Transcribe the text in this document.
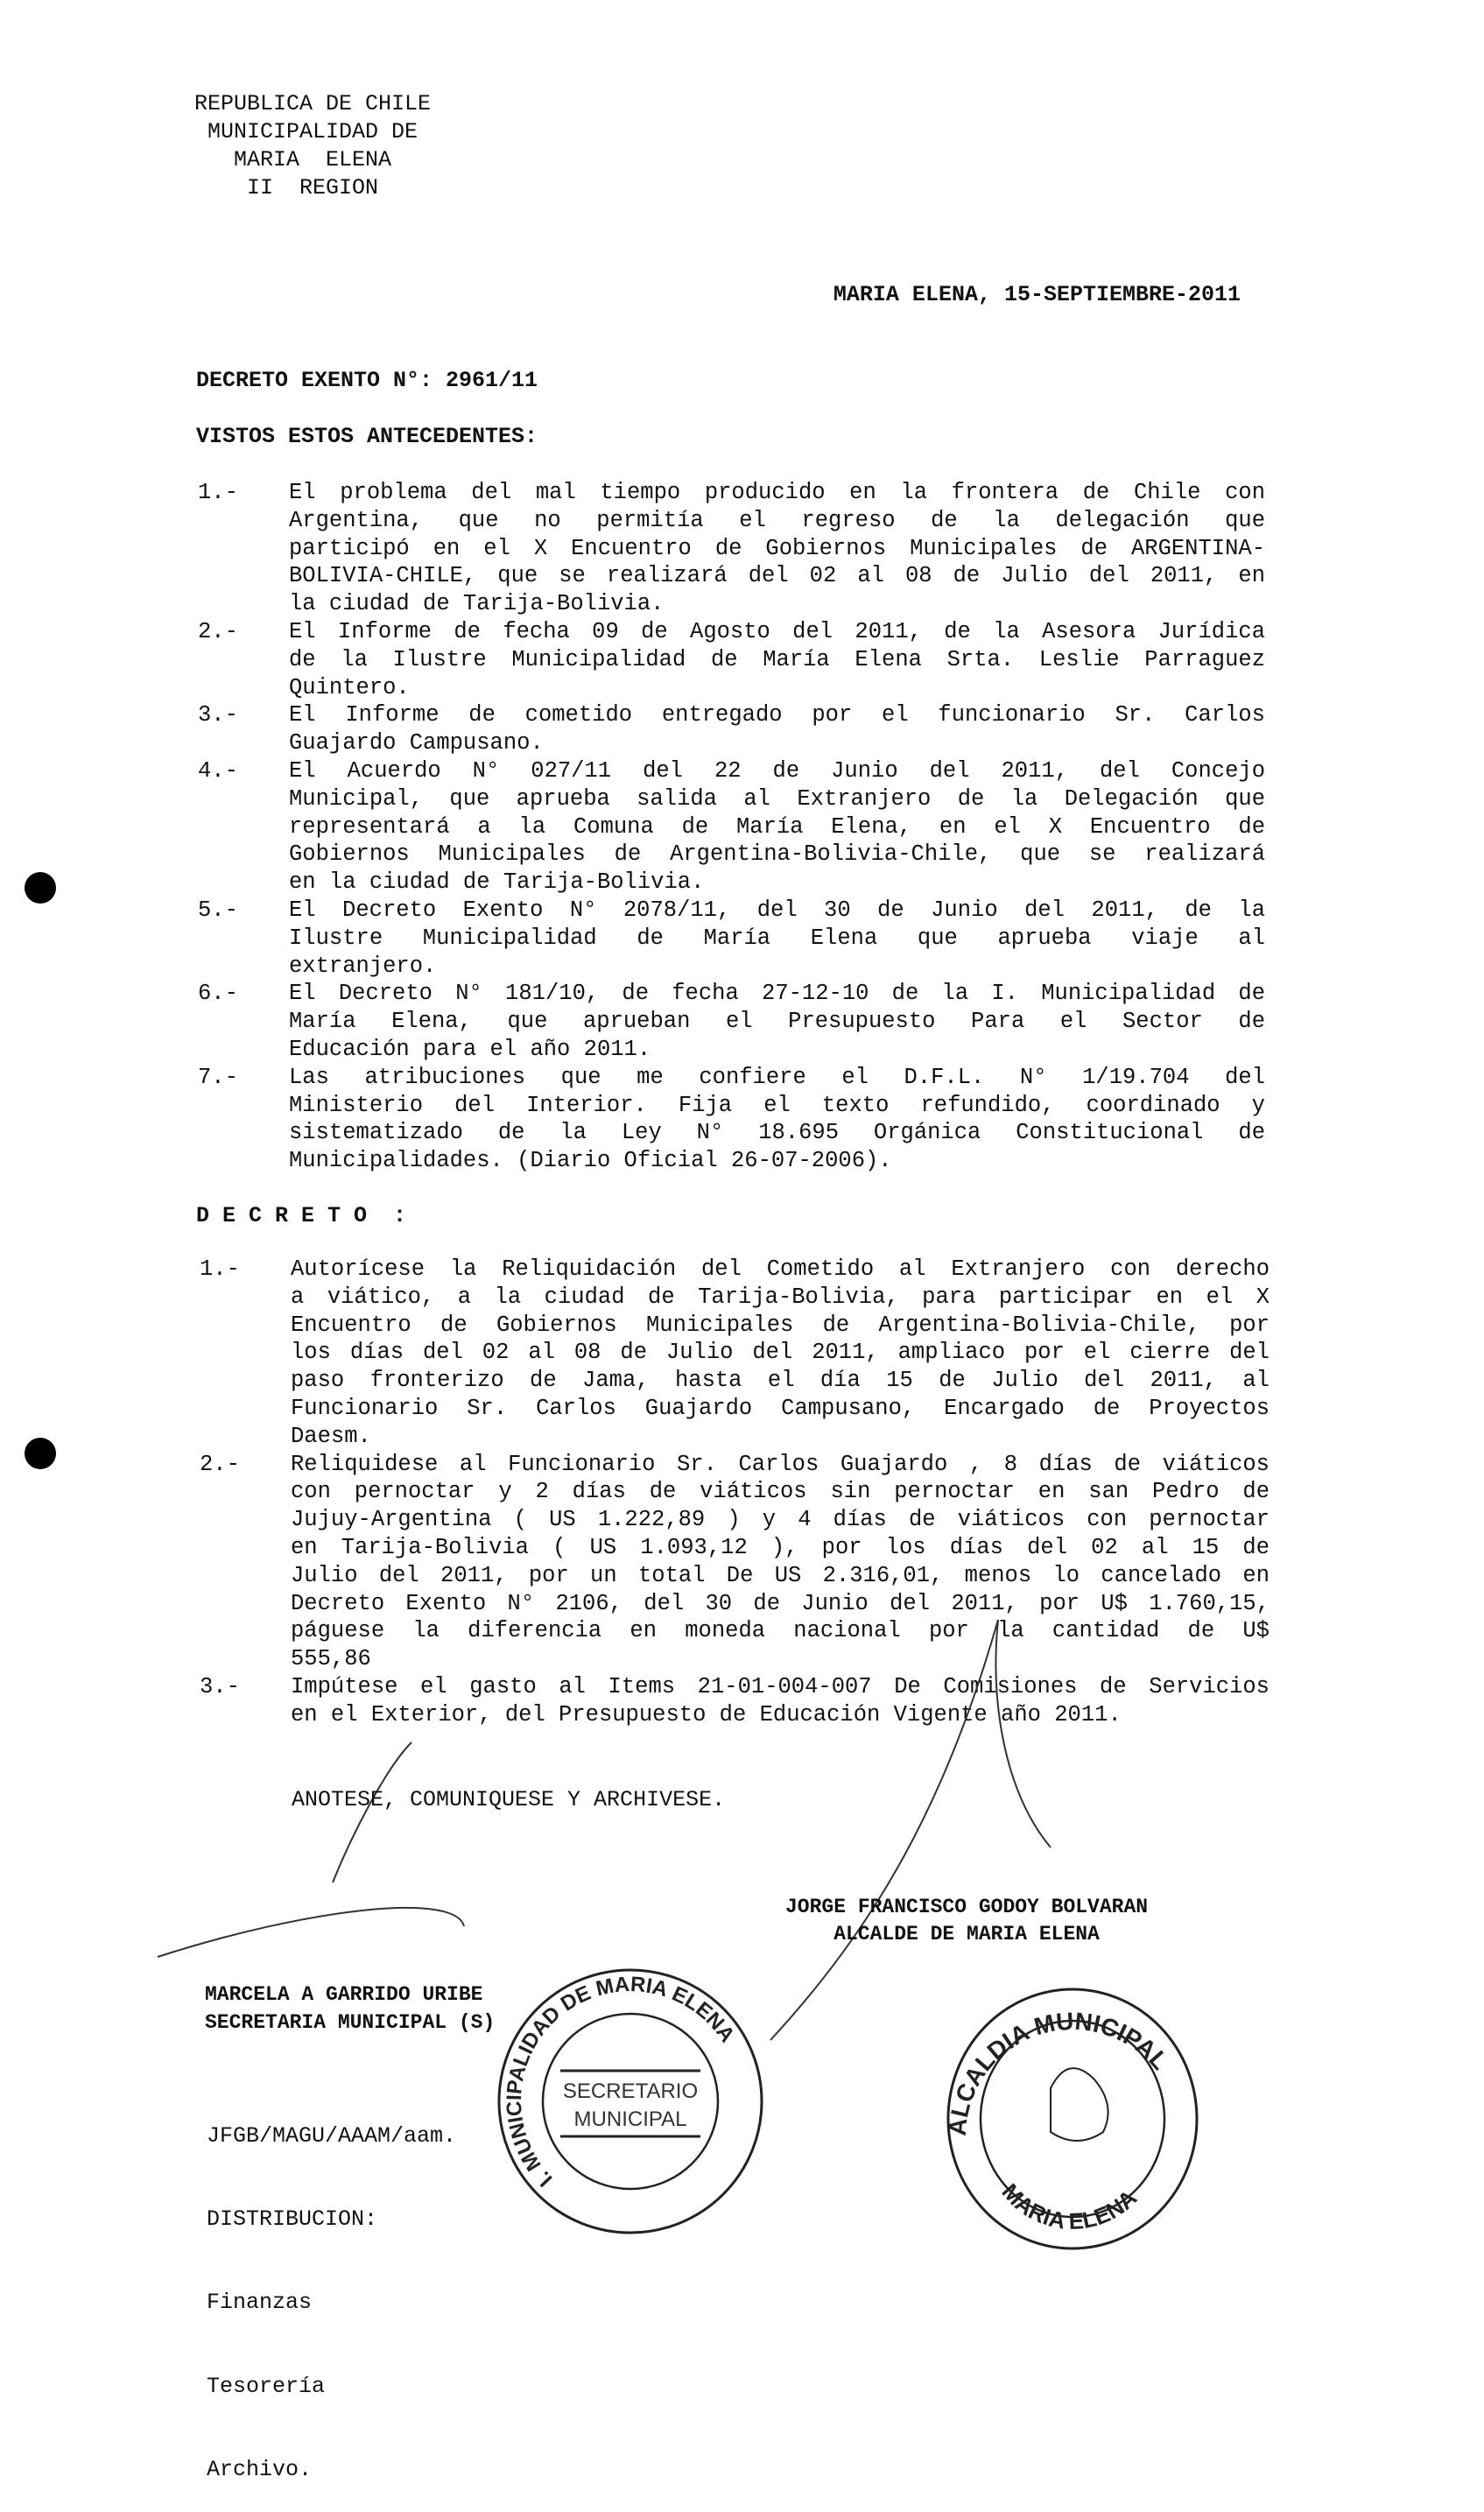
REPUBLICA DE CHILE
MUNICIPALIDAD DE
MARIA  ELENA
II  REGION
MARIA ELENA, 15-SEPTIEMBRE-2011
DECRETO EXENTO N°: 2961/11
VISTOS ESTOS ANTECEDENTES:
1.- El problema del mal tiempo producido en la frontera de Chile con
Argentina, que no permitía el regreso de la delegación que
participó en el X Encuentro de Gobiernos Municipales de ARGENTINA-
BOLIVIA-CHILE, que se realizará del 02 al 08 de Julio del 2011, en
la ciudad de Tarija-Bolivia.
2.- El Informe de fecha 09 de Agosto del 2011, de la Asesora Jurídica
de la Ilustre Municipalidad de María Elena Srta. Leslie Parraguez
Quintero.
3.- El Informe de cometido entregado por el funcionario Sr. Carlos
Guajardo Campusano.
4.- El Acuerdo N° 027/11 del 22 de Junio del 2011, del Concejo
Municipal, que aprueba salida al Extranjero de la Delegación que
representará a la Comuna de María Elena, en el X Encuentro de
Gobiernos Municipales de Argentina-Bolivia-Chile, que se realizará
en la ciudad de Tarija-Bolivia.
5.- El Decreto Exento N° 2078/11, del 30 de Junio del 2011, de la
Ilustre Municipalidad de María Elena que aprueba viaje al
extranjero.
6.- El Decreto N° 181/10, de fecha 27-12-10 de la I. Municipalidad de
María Elena, que aprueban el Presupuesto Para el Sector de
Educación para el año 2011.
7.- Las atribuciones que me confiere el D.F.L. N° 1/19.704 del
Ministerio del Interior. Fija el texto refundido, coordinado y
sistematizado de la Ley N° 18.695 Orgánica Constitucional de
Municipalidades. (Diario Oficial 26-07-2006).
D E C R E T O  :
1.- Autorícese la Reliquidación del Cometido al Extranjero con derecho
a viático, a la ciudad de Tarija-Bolivia, para participar en el X
Encuentro de Gobiernos Municipales de Argentina-Bolivia-Chile, por
los días del 02 al 08 de Julio del 2011, ampliaco por el cierre del
paso fronterizo de Jama, hasta el día 15 de Julio del 2011, al
Funcionario Sr. Carlos Guajardo Campusano, Encargado de Proyectos
Daesm.
2.- Reliquidese al Funcionario Sr. Carlos Guajardo , 8 días de viáticos
con pernoctar y 2 días de viáticos sin pernoctar en san Pedro de
Jujuy-Argentina ( US 1.222,89 ) y 4 días de viáticos con pernoctar
en Tarija-Bolivia ( US 1.093,12 ), por los días del 02 al 15 de
Julio del 2011, por un total De US 2.316,01, menos lo cancelado en
Decreto Exento N° 2106, del 30 de Junio del 2011, por U$ 1.760,15,
páguese la diferencia en moneda nacional por la cantidad de U$
555,86
3.- Impútese el gasto al Items 21-01-004-007 De Comisiones de Servicios
en el Exterior, del Presupuesto de Educación Vigente año 2011.
I. MUNICIPALIDAD DE MARIA ELENA
SECRETARIO
MUNICIPAL	ALCALDIA MUNICIPAL
MARIA ELENA
ANOTESE, COMUNIQUESE Y ARCHIVESE.
JORGE FRANCISCO GODOY BOLVARAN
ALCALDE DE MARIA ELENA
MARCELA A GARRIDO URIBE
SECRETARIA MUNICIPAL (S)

JFGB/MAGU/AAAM/aam.

DISTRIBUCION:

Finanzas

Tesorería

Archivo.
